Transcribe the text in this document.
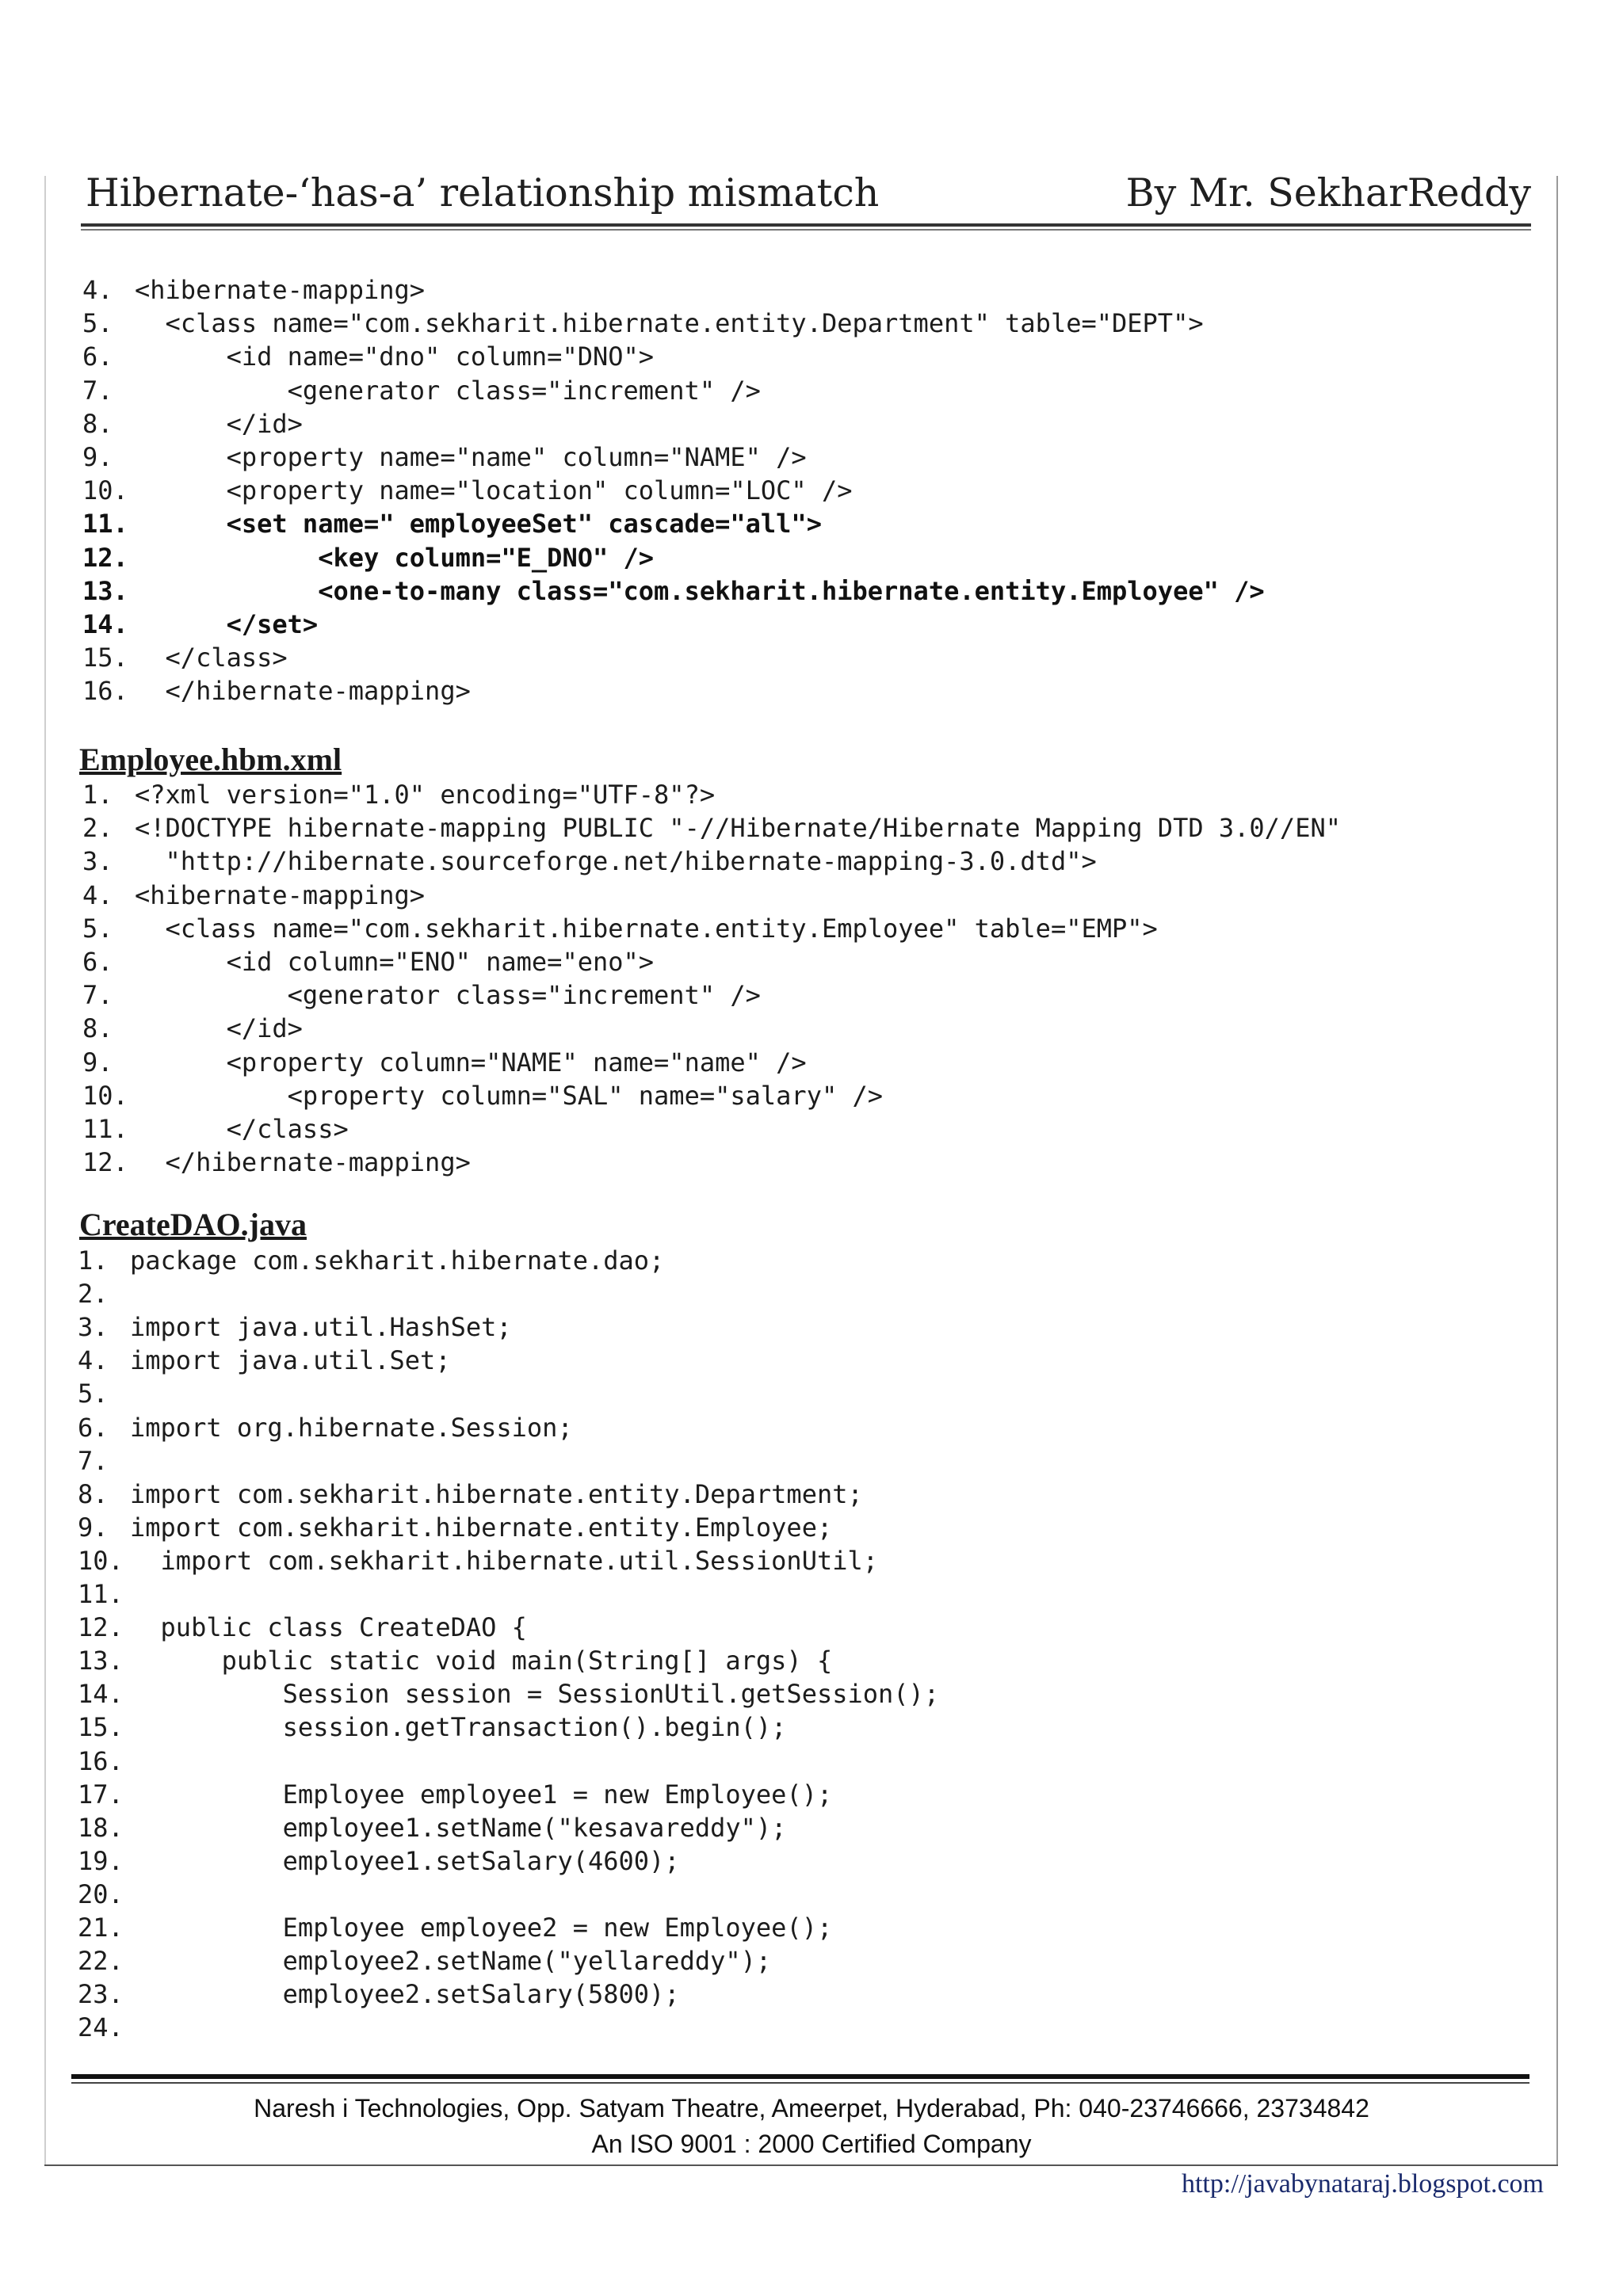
Hibernate-‘has-a’ relationship mismatch	By Mr. SekharReddy
4. <hibernate-mapping>
5.  <class name="com.sekharit.hibernate.entity.Department" table="DEPT">
6.      <id name="dno" column="DNO">
7.          <generator class="increment" />
8.      </id>
9.      <property name="name" column="NAME" />
10.      <property name="location" column="LOC" />
11.      <set name=" employeeSet" cascade="all">
12.            <key column="E_DNO" />
13.            <one-to-many class="com.sekharit.hibernate.entity.Employee" />
14.      </set>
15.  </class>
16.  </hibernate-mapping>
Employee.hbm.xml
1. <?xml version="1.0" encoding="UTF-8"?>
2. <!DOCTYPE hibernate-mapping PUBLIC "-//Hibernate/Hibernate Mapping DTD 3.0//EN"
3.  "http://hibernate.sourceforge.net/hibernate-mapping-3.0.dtd">
4. <hibernate-mapping>
5.  <class name="com.sekharit.hibernate.entity.Employee" table="EMP">
6.      <id column="ENO" name="eno">
7.          <generator class="increment" />
8.      </id>
9.      <property column="NAME" name="name" />
10.          <property column="SAL" name="salary" />
11.      </class>
12.  </hibernate-mapping>
CreateDAO.java
1. package com.sekharit.hibernate.dao;
2.
3. import java.util.HashSet;
4. import java.util.Set;
5.
6. import org.hibernate.Session;
7.
8. import com.sekharit.hibernate.entity.Department;
9. import com.sekharit.hibernate.entity.Employee;
10.  import com.sekharit.hibernate.util.SessionUtil;
11.
12.  public class CreateDAO {
13.      public static void main(String[] args) {
14.          Session session = SessionUtil.getSession();
15.          session.getTransaction().begin();
16.
17.          Employee employee1 = new Employee();
18.          employee1.setName("kesavareddy");
19.          employee1.setSalary(4600);
20.
21.          Employee employee2 = new Employee();
22.          employee2.setName("yellareddy");
23.          employee2.setSalary(5800);
24.
Naresh i Technologies, Opp. Satyam Theatre, Ameerpet, Hyderabad, Ph: 040-23746666, 23734842
An ISO 9001 : 2000 Certified Company
http://javabynataraj.blogspot.com
